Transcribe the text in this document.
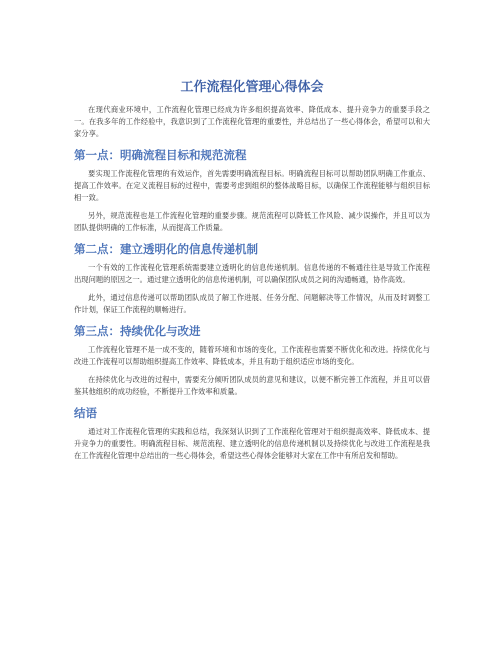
工作流程化管理心得体会

在现代商业环境中，工作流程化管理已经成为许多组织提高效率、降低成本、提升竞争力的重要手段之一。在我多年的工作经验中，我意识到了工作流程化管理的重要性，并总结出了一些心得体会，希望可以和大家分享。

第一点：明确流程目标和规范流程

要实现工作流程化管理的有效运作，首先需要明确流程目标。明确流程目标可以帮助团队明确工作重点、提高工作效率。在定义流程目标的过程中，需要考虑到组织的整体战略目标，以确保工作流程能够与组织目标相一致。

另外，规范流程也是工作流程化管理的重要步骤。规范流程可以降低工作风险、减少误操作，并且可以为团队提供明确的工作标准，从而提高工作质量。

第二点：建立透明化的信息传递机制

一个有效的工作流程化管理系统需要建立透明化的信息传递机制。信息传递的不畅通往往是导致工作流程出现问题的原因之一。通过建立透明化的信息传递机制，可以确保团队成员之间的沟通畅通，协作高效。

此外，通过信息传递可以帮助团队成员了解工作进展、任务分配、问题解决等工作情况，从而及时调整工作计划，保证工作流程的顺畅进行。

第三点：持续优化与改进

工作流程化管理不是一成不变的，随着环境和市场的变化，工作流程也需要不断优化和改进。持续优化与改进工作流程可以帮助组织提高工作效率、降低成本，并且有助于组织适应市场的变化。

在持续优化与改进的过程中，需要充分倾听团队成员的意见和建议，以便不断完善工作流程，并且可以借鉴其他组织的成功经验，不断提升工作效率和质量。

结语

通过对工作流程化管理的实践和总结，我深刻认识到了工作流程化管理对于组织提高效率、降低成本、提升竞争力的重要性。明确流程目标、规范流程、建立透明化的信息传递机制以及持续优化与改进工作流程是我在工作流程化管理中总结出的一些心得体会，希望这些心得体会能够对大家在工作中有所启发和帮助。
